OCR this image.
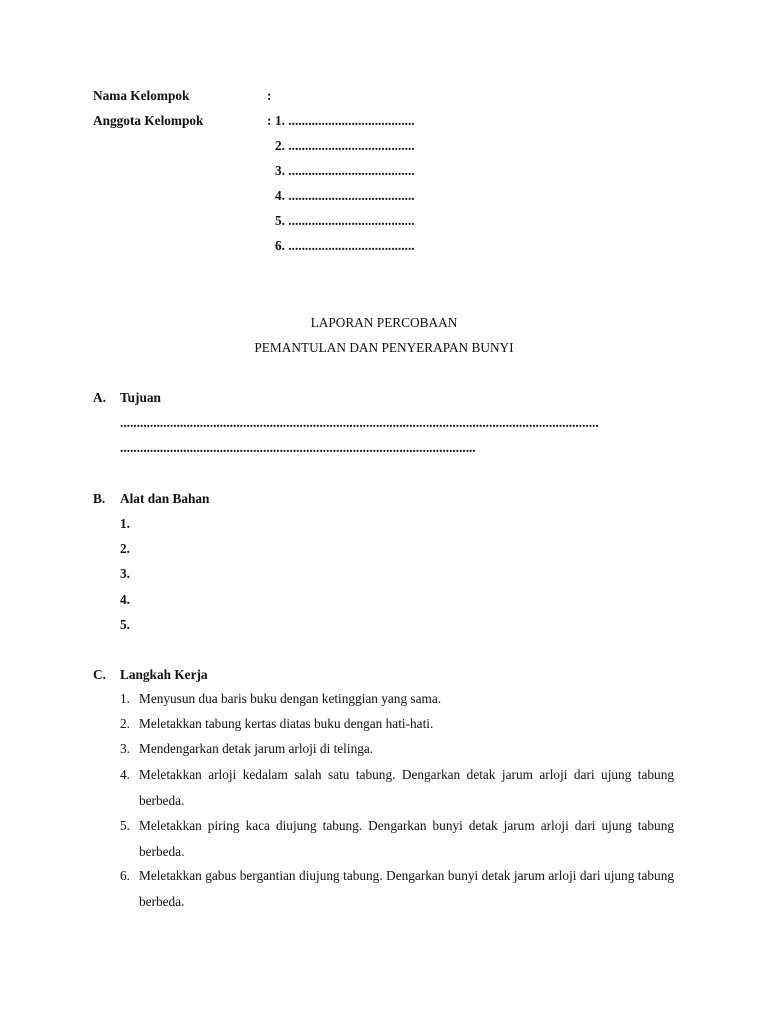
Nama Kelompok	:
Anggota Kelompok	: 1. ......................................
2. ......................................
3. ......................................
4. ......................................
5. ......................................
6. ......................................
LAPORAN PERCOBAAN
PEMANTULAN DAN PENYERAPAN BUNYI
A. Tujuan
................................................................................................................................................
...........................................................................................................
B. Alat dan Bahan
1.
2.
3.
4.
5.
C. Langkah Kerja
1. Menyusun dua baris buku dengan ketinggian yang sama.
2. Meletakkan tabung kertas diatas buku dengan hati-hati.
3. Mendengarkan detak jarum arloji di telinga.
4. Meletakkan arloji kedalam salah satu tabung. Dengarkan detak jarum arloji dari ujung tabung berbeda.
5. Meletakkan piring kaca diujung tabung. Dengarkan bunyi detak jarum arloji dari ujung tabung berbeda.
6. Meletakkan gabus bergantian diujung tabung. Dengarkan bunyi detak jarum arloji dari ujung tabung berbeda.
